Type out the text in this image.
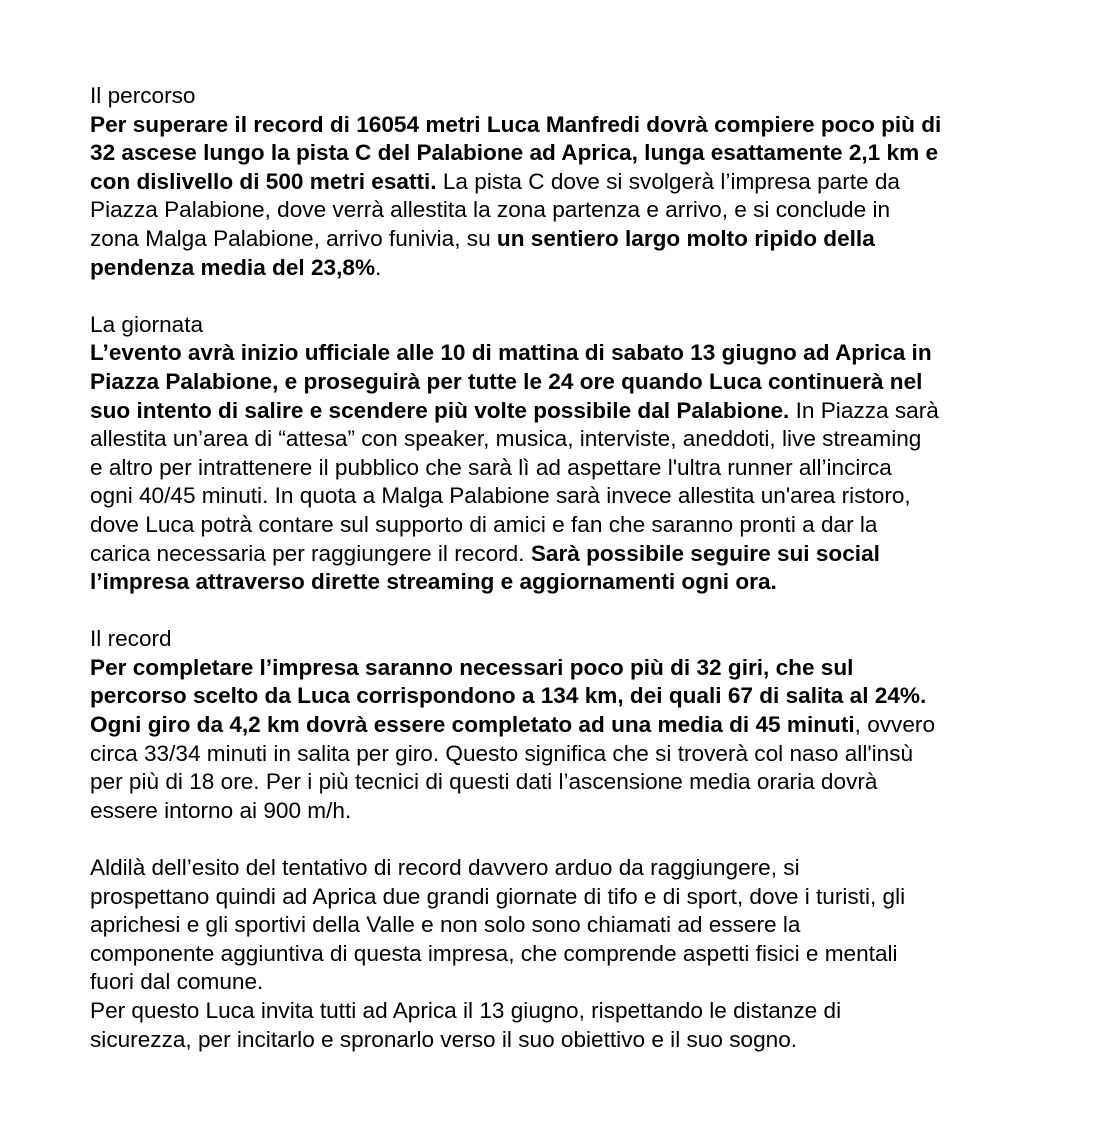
Il percorso
Per superare il record di 16054 metri Luca Manfredi dovrà compiere poco più di
32 ascese lungo la pista C del Palabione ad Aprica, lunga esattamente 2,1 km e
con dislivello di 500 metri esatti. La pista C dove si svolgerà l’impresa parte da
Piazza Palabione, dove verrà allestita la zona partenza e arrivo, e si conclude in
zona Malga Palabione, arrivo funivia, su un sentiero largo molto ripido della
pendenza media del 23,8%.
La giornata
L’evento avrà inizio ufficiale alle 10 di mattina di sabato 13 giugno ad Aprica in
Piazza Palabione, e proseguirà per tutte le 24 ore quando Luca continuerà nel
suo intento di salire e scendere più volte possibile dal Palabione. In Piazza sarà
allestita un’area di “attesa” con speaker, musica, interviste, aneddoti, live streaming
e altro per intrattenere il pubblico che sarà lì ad aspettare l'ultra runner all’incirca
ogni 40/45 minuti. In quota a Malga Palabione sarà invece allestita un'area ristoro,
dove Luca potrà contare sul supporto di amici e fan che saranno pronti a dar la
carica necessaria per raggiungere il record. Sarà possibile seguire sui social
l’impresa attraverso dirette streaming e aggiornamenti ogni ora.
Il record
Per completare l’impresa saranno necessari poco più di 32 giri, che sul
percorso scelto da Luca corrispondono a 134 km, dei quali 67 di salita al 24%.
Ogni giro da 4,2 km dovrà essere completato ad una media di 45 minuti, ovvero
circa 33/34 minuti in salita per giro. Questo significa che si troverà col naso all'insù
per più di 18 ore. Per i più tecnici di questi dati l’ascensione media oraria dovrà
essere intorno ai 900 m/h.
Aldilà dell’esito del tentativo di record davvero arduo da raggiungere, si
prospettano quindi ad Aprica due grandi giornate di tifo e di sport, dove i turisti, gli
aprichesi e gli sportivi della Valle e non solo sono chiamati ad essere la
componente aggiuntiva di questa impresa, che comprende aspetti fisici e mentali
fuori dal comune.
Per questo Luca invita tutti ad Aprica il 13 giugno, rispettando le distanze di
sicurezza, per incitarlo e spronarlo verso il suo obiettivo e il suo sogno.
